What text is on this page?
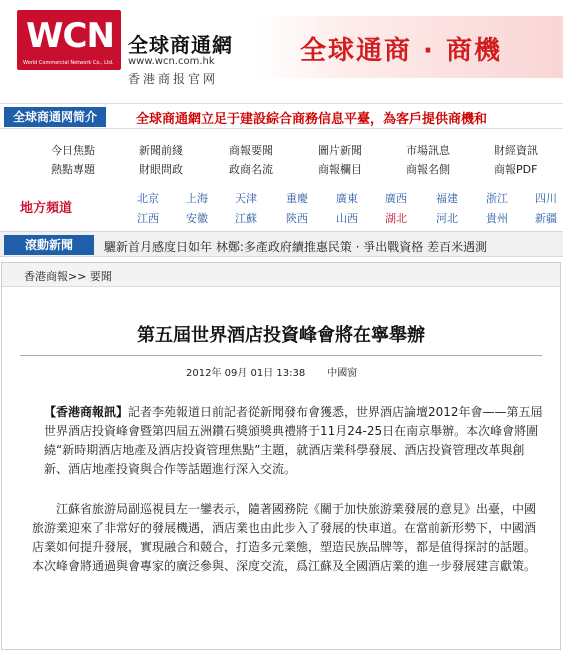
WCN
World Commercial Network Co., Ltd.
全球商通網
www.wcn.com.hk
香港商报官网
全球通商 · 商機
全球商通网简介	全球商通網立足于建設綜合商務信息平臺，為客戶提供商機和
今日焦點	新聞前綫	商報要聞	圖片新聞	市場訊息	財經資訊
熱點專題	財眼問政	政商名流	商報欄目	商報名側	商報PDF
地方頻道
北京 上海 天津	重慶	廣東 廣西	福建	浙江 四川
江西 安徽 江蘇	陝西	山西 湖北	河北	貴州 新疆
滾動新聞	驪新首月感度日如年 林鄭:多產政府續推惠民策 · 爭出戰資格 差百米遇測
香港商報>> 要聞
第五屆世界酒店投資峰會將在寧舉辦
2012年 09月 01日 13:38 中國窗
【香港商報訊】記者李苑報道日前記者從新聞發布會獲悉，世界酒店論壇2012年會——第五屆世界酒店投資峰會暨第四屆五洲鑽石獎頒獎典禮將于11月24-25日在南京舉辦。本次峰會將圍繞“新時期酒店地產及酒店投資管理焦點”主題，就酒店業科學發展、酒店投資管理改革與創新、酒店地產投資與合作等話題進行深入交流。
江蘇省旅游局副巡視員左一鑾表示，隨著國務院《關于加快旅游業發展的意見》出臺，中國旅游業迎來了非常好的發展機遇，酒店業也由此步入了發展的快車道。在當前新形勢下，中國酒店業如何提升發展，實現融合和競合，打造多元業態，塑造民族品牌等，都是值得探討的話題。本次峰會將通過與會專家的廣泛參與、深度交流，爲江蘇及全國酒店業的進一步發展建言獻策。
